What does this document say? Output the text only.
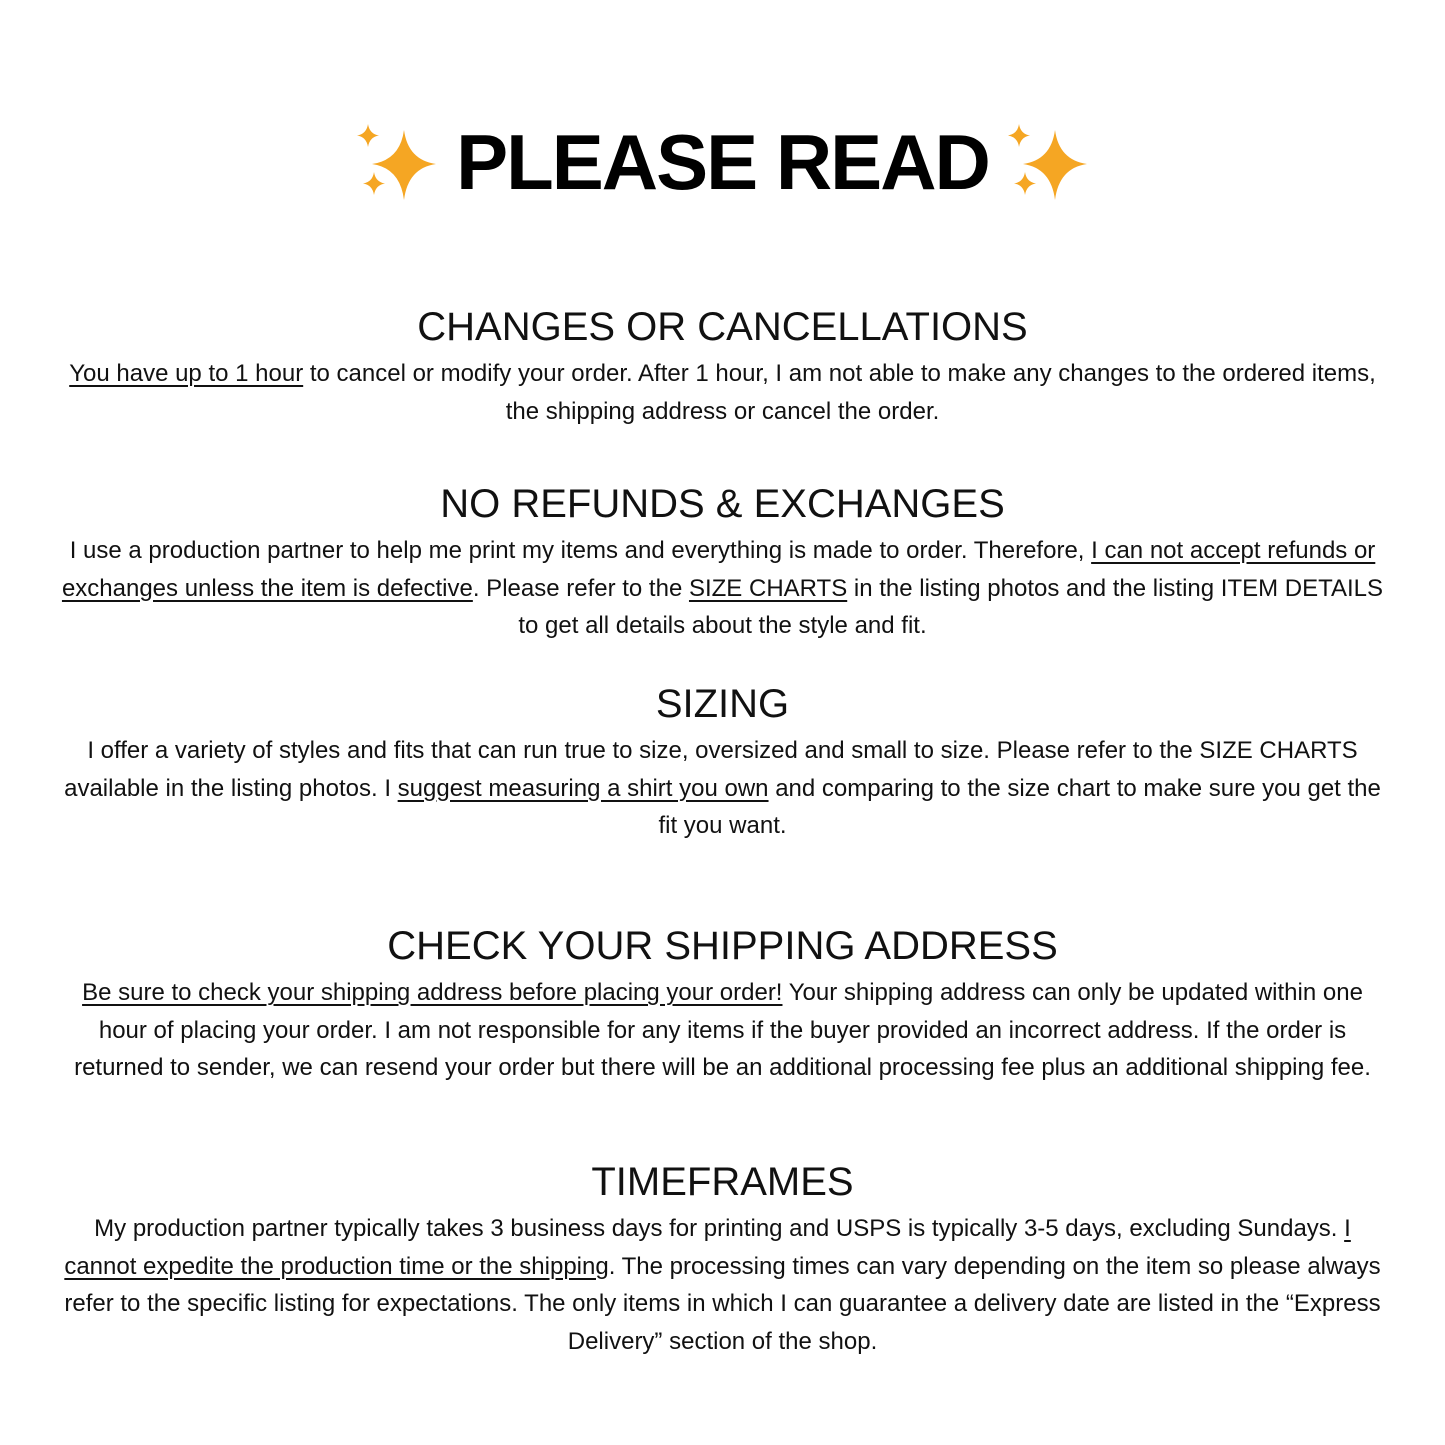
PLEASE READ
CHANGES OR CANCELLATIONS

You have up to 1 hour to cancel or modify your order. After 1 hour, I am not able to make any changes to the ordered items, the shipping address or cancel the order.

NO REFUNDS & EXCHANGES

I use a production partner to help me print my items and everything is made to order. Therefore, I can not accept refunds or exchanges unless the item is defective. Please refer to the SIZE CHARTS in the listing photos and the listing ITEM DETAILS to get all details about the style and fit.

SIZING

I offer a variety of styles and fits that can run true to size, oversized and small to size. Please refer to the SIZE CHARTS available in the listing photos. I suggest measuring a shirt you own and comparing to the size chart to make sure you get the fit you want.

CHECK YOUR SHIPPING ADDRESS

Be sure to check your shipping address before placing your order! Your shipping address can only be updated within one hour of placing your order. I am not responsible for any items if the buyer provided an incorrect address. If the order is returned to sender, we can resend your order but there will be an additional processing fee plus an additional shipping fee.

TIMEFRAMES

My production partner typically takes 3 business days for printing and USPS is typically 3-5 days, excluding Sundays. I cannot expedite the production time or the shipping. The processing times can vary depending on the item so please always refer to the specific listing for expectations. The only items in which I can guarantee a delivery date are listed in the “Express Delivery” section of the shop.
